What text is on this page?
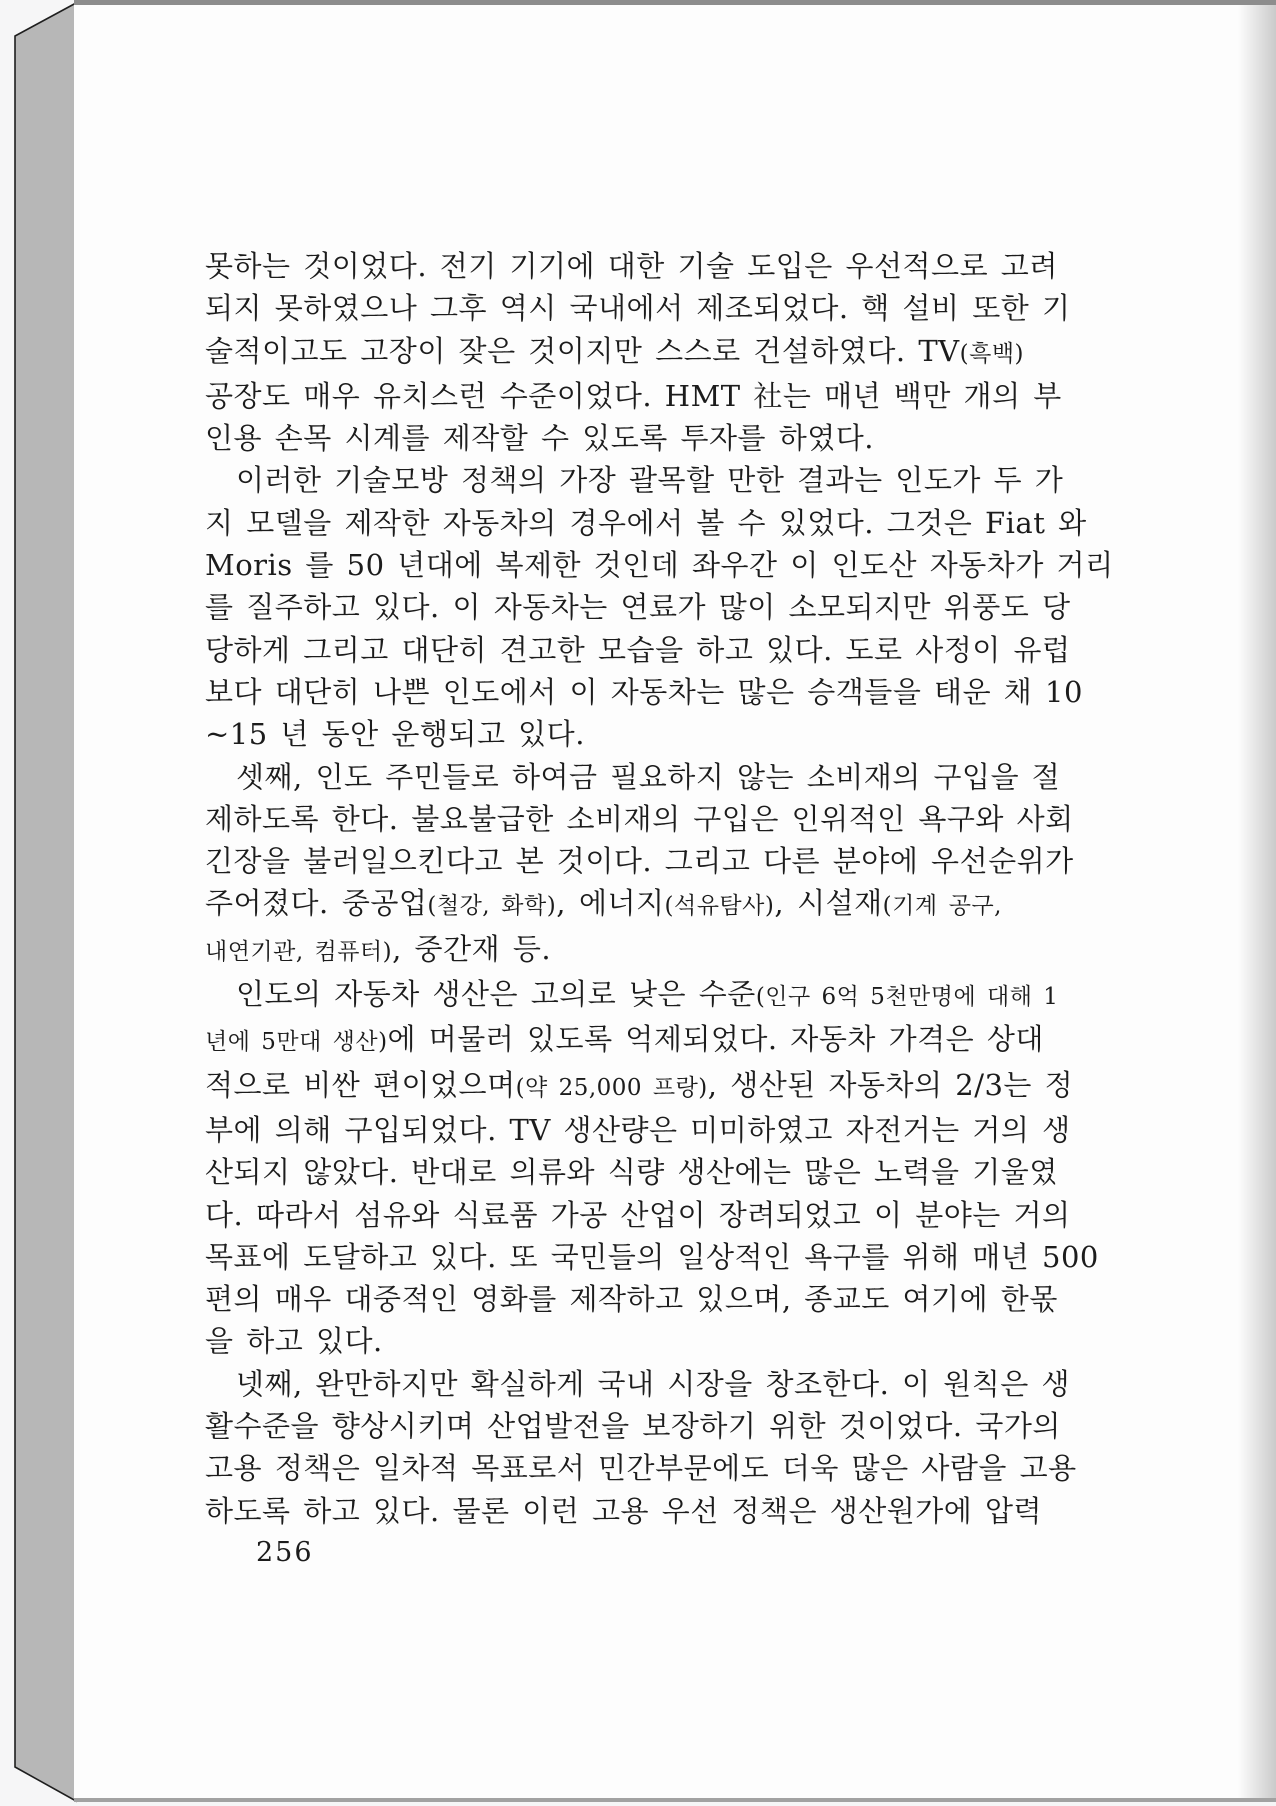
못하는 것이었다. 전기 기기에 대한 기술 도입은 우선적으로 고려
되지 못하였으나 그후 역시 국내에서 제조되었다. 핵 설비 또한 기
술적이고도 고장이 잦은 것이지만 스스로 건설하였다. TV(흑백)
공장도 매우 유치스런 수준이었다. HMT 社는 매년 백만 개의 부
인용 손목 시계를 제작할 수 있도록 투자를 하였다.
이러한 기술모방 정책의 가장 괄목할 만한 결과는 인도가 두 가
지 모델을 제작한 자동차의 경우에서 볼 수 있었다. 그것은 Fiat 와
Moris 를 50 년대에 복제한 것인데 좌우간 이 인도산 자동차가 거리
를 질주하고 있다. 이 자동차는 연료가 많이 소모되지만 위풍도 당
당하게 그리고 대단히 견고한 모습을 하고 있다. 도로 사정이 유럽
보다 대단히 나쁜 인도에서 이 자동차는 많은 승객들을 태운 채 10
~15 년 동안 운행되고 있다.
셋째, 인도 주민들로 하여금 필요하지 않는 소비재의 구입을 절
제하도록 한다. 불요불급한 소비재의 구입은 인위적인 욕구와 사회
긴장을 불러일으킨다고 본 것이다. 그리고 다른 분야에 우선순위가
주어졌다. 중공업(철강, 화학), 에너지(석유탐사), 시설재(기계 공구,
내연기관, 컴퓨터), 중간재 등.
인도의 자동차 생산은 고의로 낮은 수준(인구 6억 5천만명에 대해 1
년에 5만대 생산)에 머물러 있도록 억제되었다. 자동차 가격은 상대
적으로 비싼 편이었으며(약 25,000 프랑), 생산된 자동차의 2/3는 정
부에 의해 구입되었다. TV 생산량은 미미하였고 자전거는 거의 생
산되지 않았다. 반대로 의류와 식량 생산에는 많은 노력을 기울였
다. 따라서 섬유와 식료품 가공 산업이 장려되었고 이 분야는 거의
목표에 도달하고 있다. 또 국민들의 일상적인 욕구를 위해 매년 500
편의 매우 대중적인 영화를 제작하고 있으며, 종교도 여기에 한몫
을 하고 있다.
넷째, 완만하지만 확실하게 국내 시장을 창조한다. 이 원칙은 생
활수준을 향상시키며 산업발전을 보장하기 위한 것이었다. 국가의
고용 정책은 일차적 목표로서 민간부문에도 더욱 많은 사람을 고용
하도록 하고 있다. 물론 이런 고용 우선 정책은 생산원가에 압력
256
